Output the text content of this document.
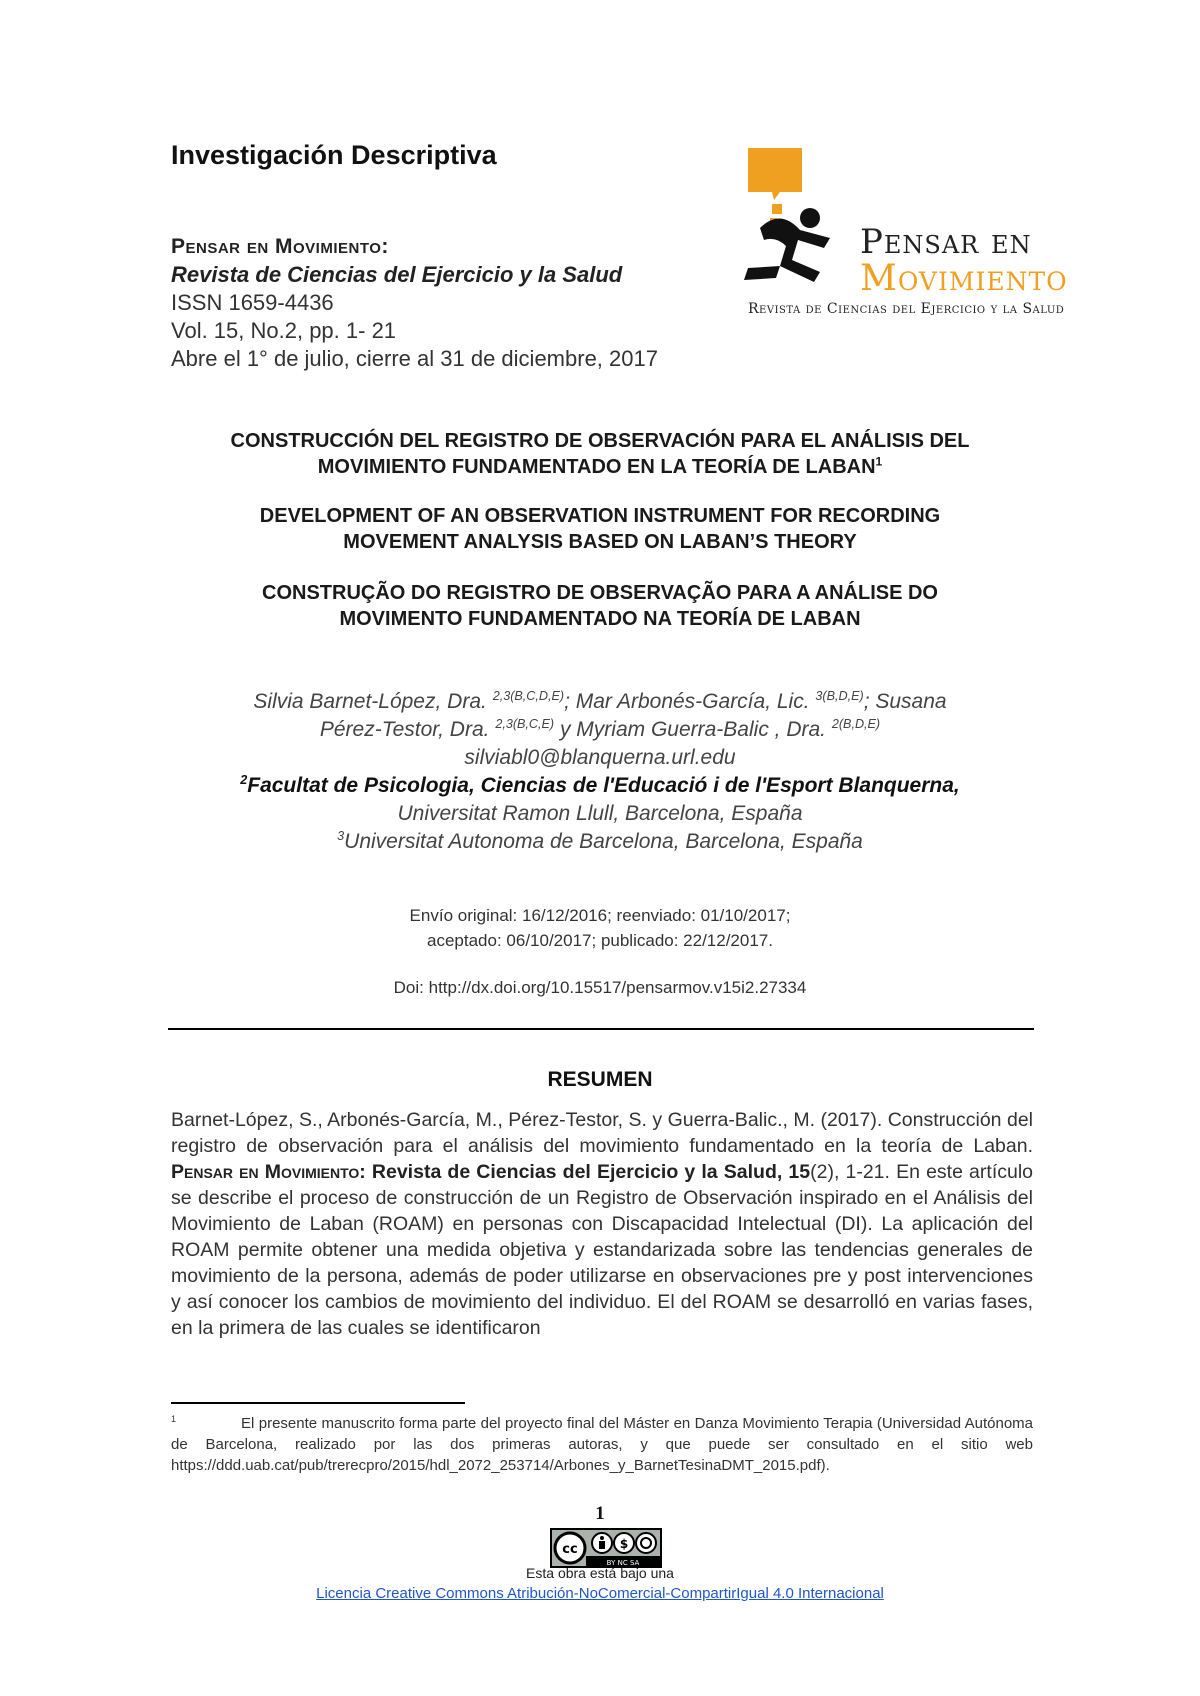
Investigación Descriptiva
Pensar en Movimiento:
Revista de Ciencias del Ejercicio y la Salud
ISSN 1659-4436
Vol. 15, No.2, pp. 1- 21
Abre el 1° de julio, cierre al 31 de diciembre, 2017
Pensar en
Movimiento
Revista de Ciencias del Ejercicio y la Salud

CONSTRUCCIÓN DEL REGISTRO DE OBSERVACIÓN PARA EL ANÁLISIS DEL

MOVIMIENTO FUNDAMENTADO EN LA TEORÍA DE LABAN$^1$

DEVELOPMENT OF AN OBSERVATION INSTRUMENT FOR RECORDING

MOVEMENT ANALYSIS BASED ON LABAN’S THEORY

CONSTRUÇÃO DO REGISTRO DE OBSERVAÇÃO PARA A ANÁLISE DO

MOVIMENTO FUNDAMENTADO NA TEORÍA DE LABAN

Silvia Barnet-López, Dra. $^{2,3(B,C,D,E)}$; Mar Arbonés-García, Lic. $^{3(B,D,E)}$; Susana

Pérez-Testor, Dra. $^{2,3(B,C,E)}$ y Myriam Guerra-Balic , Dra. $^{2(B,D,E)}$

silviabl0@blanquerna.url.edu

$^2$Facultat de Psicologia, Ciencias de l'Educació i de l'Esport Blanquerna,

Universitat Ramon Llull, Barcelona, España

$^3$Universitat Autonoma de Barcelona, Barcelona, España

Envío original: 16/12/2016; reenviado: 01/10/2017;

aceptado: 06/10/2017; publicado: 22/12/2017.

Doi: http://dx.doi.org/10.15517/pensarmov.v15i2.27334
RESUMEN
Barnet-López, S., Arbonés-García, M., Pérez-Testor, S. y Guerra-Balic., M. (2017). Construcción del registro de observación para el análisis del movimiento fundamentado en la teoría de Laban. Pensar en Movimiento: Revista de Ciencias del Ejercicio y la Salud, 15(2), 1-21. En este artículo se describe el proceso de construcción de un Registro de Observación inspirado en el Análisis del Movimiento de Laban (ROAM) en personas con Discapacidad Intelectual (DI). La aplicación del ROAM permite obtener una medida objetiva y estandarizada sobre las tendencias generales de movimiento de la persona, además de poder utilizarse en observaciones pre y post intervenciones y así conocer los cambios de movimiento del individuo. El del ROAM se desarrolló en varias fases, en la primera de las cuales se identificaron
$^1$	El presente manuscrito forma parte del proyecto final del Máster en Danza Movimiento Terapia (Universidad Autónoma de Barcelona, realizado por las dos primeras autoras, y que puede ser consultado en el sitio web https://ddd.uab.cat/pub/trerecpro/2015/hdl_2072_253714/Arbones_y_BarnetTesinaDMT_2015.pdf).
1
cc	$
BY NC SA
Esta obra está bajo una
Licencia Creative Commons Atribución-NoComercial-CompartirIgual 4.0 Internacional
